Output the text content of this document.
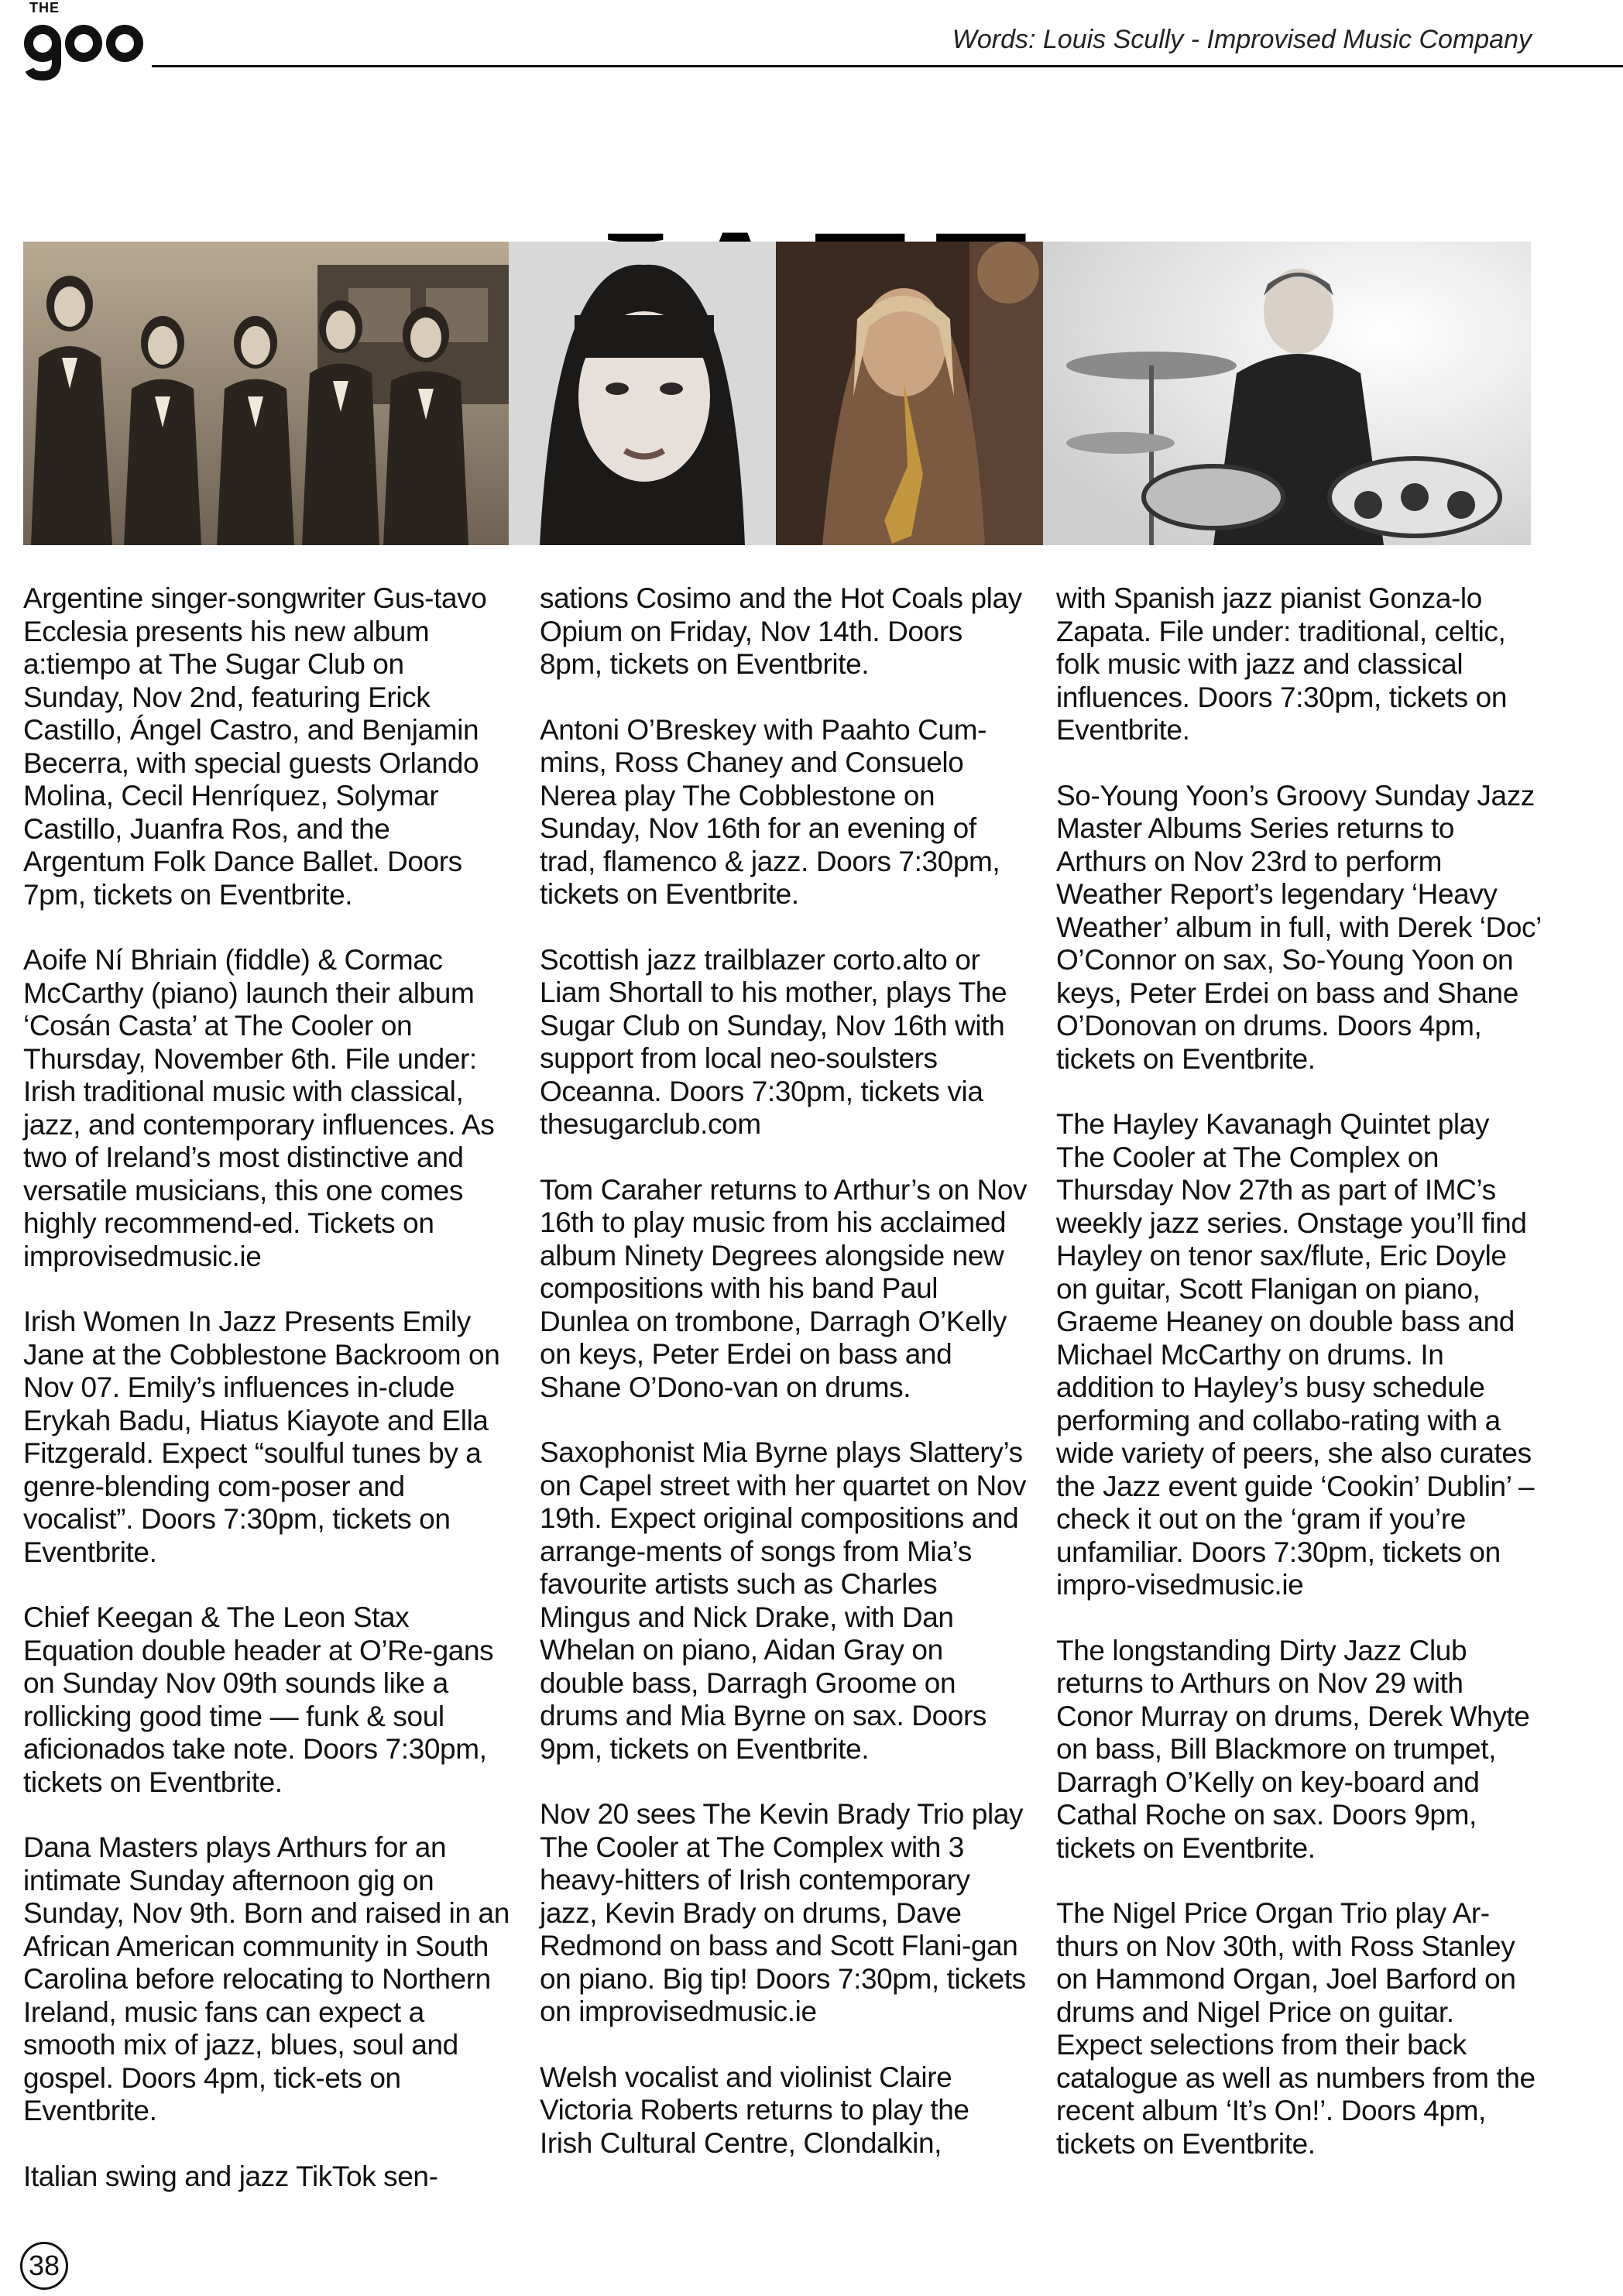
THE
Words: Louis Scully - Improvised Music Company

Argentine singer-songwriter Gus-tavo Ecclesia presents his new album a:tiempo at The Sugar Club on Sunday, Nov 2nd, featuring Erick Castillo, Ángel Castro, and Benjamin Becerra, with special guests Orlando Molina, Cecil Henríquez, Solymar Castillo, Juanfra Ros, and the Argentum Folk Dance Ballet. Doors 7pm, tickets on Eventbrite.

Aoife Ní Bhriain (fiddle) & Cormac McCarthy (piano) launch their album ‘Cosán Casta’ at The Cooler on Thursday, November 6th. File under: Irish traditional music with classical, jazz, and contemporary influences. As two of Ireland’s most distinctive and versatile musicians, this one comes highly recommend-ed. Tickets on improvisedmusic.ie

Irish Women In Jazz Presents Emily Jane at the Cobblestone Backroom on Nov 07. Emily’s influences in-clude Erykah Badu, Hiatus Kiayote and Ella Fitzgerald. Expect “soulful tunes by a genre-blending com-poser and vocalist”. Doors 7:30pm, tickets on Eventbrite.

Chief Keegan & The Leon Stax Equation double header at O’Re-gans on Sunday Nov 09th sounds like a rollicking good time — funk & soul aficionados take note. Doors 7:30pm, tickets on Eventbrite.

Dana Masters plays Arthurs for an intimate Sunday afternoon gig on Sunday, Nov 9th. Born and raised in an African American community in South Carolina before relocating to Northern Ireland, music fans can expect a smooth mix of jazz, blues, soul and gospel. Doors 4pm, tick-ets on Eventbrite.

Italian swing and jazz TikTok sen-

sations Cosimo and the Hot Coals play Opium on Friday, Nov 14th. Doors 8pm, tickets on Eventbrite.

Antoni O’Breskey with Paahto Cum-mins, Ross Chaney and Consuelo Nerea play The Cobblestone on Sunday, Nov 16th for an evening of trad, flamenco & jazz. Doors 7:30pm, tickets on Eventbrite.

Scottish jazz trailblazer corto.alto or Liam Shortall to his mother, plays The Sugar Club on Sunday, Nov 16th with support from local neo-soulsters Oceanna. Doors 7:30pm, tickets via thesugarclub.com

Tom Caraher returns to Arthur’s on Nov 16th to play music from his acclaimed album Ninety Degrees alongside new compositions with his band Paul Dunlea on trombone, Darragh O’Kelly on keys, Peter Erdei on bass and Shane O’Dono-van on drums.

Saxophonist Mia Byrne plays Slattery’s on Capel street with her quartet on Nov 19th. Expect original compositions and arrange-ments of songs from Mia’s favourite artists such as Charles Mingus and Nick Drake, with Dan Whelan on piano, Aidan Gray on double bass, Darragh Groome on drums and Mia Byrne on sax. Doors 9pm, tickets on Eventbrite.

Nov 20 sees The Kevin Brady Trio play The Cooler at The Complex with 3 heavy-hitters of Irish contemporary jazz, Kevin Brady on drums, Dave Redmond on bass and Scott Flani-gan on piano. Big tip! Doors 7:30pm, tickets on improvisedmusic.ie

Welsh vocalist and violinist Claire Victoria Roberts returns to play the Irish Cultural Centre, Clondalkin,

with Spanish jazz pianist Gonza-lo Zapata. File under: traditional, celtic, folk music with jazz and classical influences. Doors 7:30pm, tickets on Eventbrite.

So-Young Yoon’s Groovy Sunday Jazz Master Albums Series returns to Arthurs on Nov 23rd to perform Weather Report’s legendary ‘Heavy Weather’ album in full, with Derek ‘Doc’ O’Connor on sax, So-Young Yoon on keys, Peter Erdei on bass and Shane O’Donovan on drums. Doors 4pm, tickets on Eventbrite.

The Hayley Kavanagh Quintet play The Cooler at The Complex on Thursday Nov 27th as part of IMC’s weekly jazz series. Onstage you’ll find Hayley on tenor sax/flute, Eric Doyle on guitar, Scott Flanigan on piano, Graeme Heaney on double bass and Michael McCarthy on drums. In addition to Hayley’s busy schedule performing and collabo-rating with a wide variety of peers, she also curates the Jazz event guide ‘Cookin’ Dublin’ – check it out on the ‘gram if you’re unfamiliar. Doors 7:30pm, tickets on impro-visedmusic.ie

The longstanding Dirty Jazz Club returns to Arthurs on Nov 29 with Conor Murray on drums, Derek Whyte on bass, Bill Blackmore on trumpet, Darragh O’Kelly on key-board and Cathal Roche on sax. Doors 9pm, tickets on Eventbrite.

The Nigel Price Organ Trio play Ar-thurs on Nov 30th, with Ross Stanley on Hammond Organ, Joel Barford on drums and Nigel Price on guitar. Expect selections from their back catalogue as well as numbers from the recent album ‘It’s On!’. Doors 4pm, tickets on Eventbrite.

38
